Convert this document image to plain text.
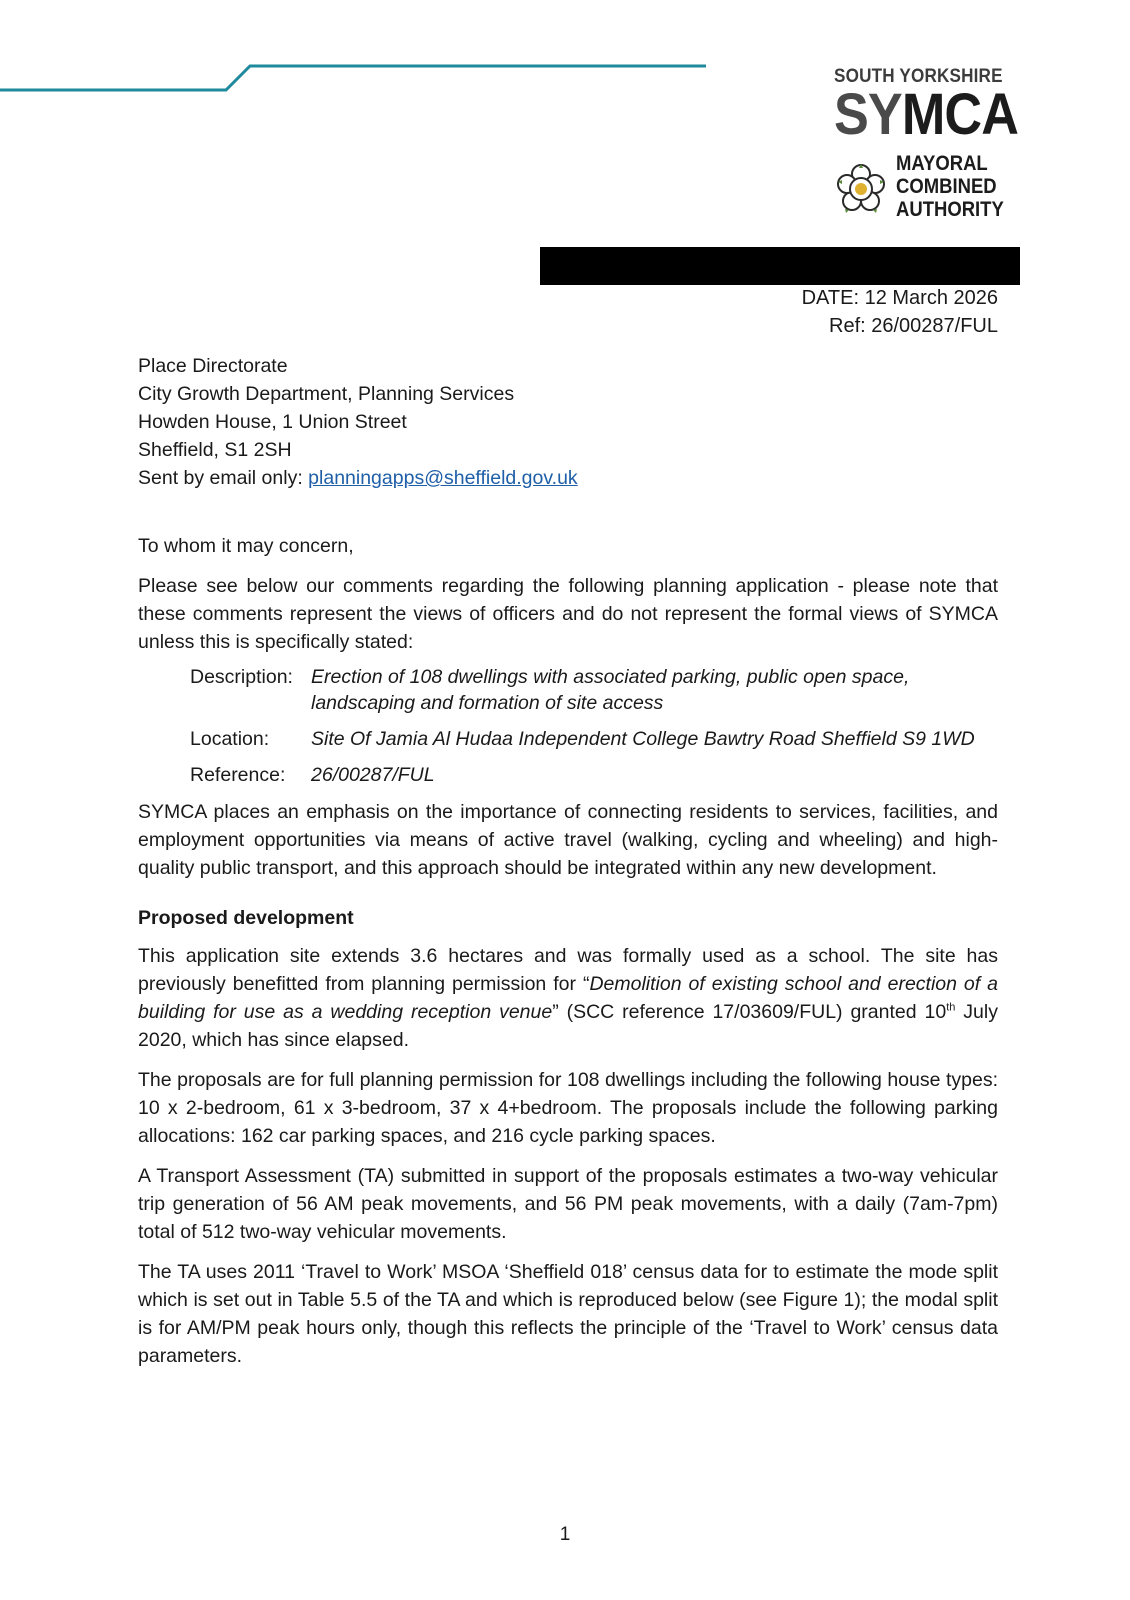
SOUTH YORKSHIRE
SYMCA
MAYORAL
COMBINED
AUTHORITY
DATE: 12 March 2026
Ref: 26/00287/FUL
Place Directorate
City Growth Department, Planning Services
Howden House, 1 Union Street
Sheffield, S1 2SH
Sent by email only: planningapps@sheffield.gov.uk

To whom it may concern,

Please see below our comments regarding the following planning application - please note that these comments represent the views of officers and do not represent the formal views of SYMCA unless this is specifically stated:

Description:	Erection of 108 dwellings with associated parking, public open space, landscaping and formation of site access
Location:	Site Of Jamia Al Hudaa Independent College Bawtry Road Sheffield S9 1WD
Reference:	26/00287/FUL

SYMCA places an emphasis on the importance of connecting residents to services, facilities, and employment opportunities via means of active travel (walking, cycling and wheeling) and high-quality public transport, and this approach should be integrated within any new development.

Proposed development

This application site extends 3.6 hectares and was formally used as a school. The site has previously benefitted from planning permission for “Demolition of existing school and erection of a building for use as a wedding reception venue” (SCC reference 17/03609/FUL) granted 10th July 2020, which has since elapsed.

The proposals are for full planning permission for 108 dwellings including the following house types: 10 x 2-bedroom, 61 x 3-bedroom, 37 x 4+bedroom. The proposals include the following parking allocations: 162 car parking spaces, and 216 cycle parking spaces.

A Transport Assessment (TA) submitted in support of the proposals estimates a two-way vehicular trip generation of 56 AM peak movements, and 56 PM peak movements, with a daily (7am-7pm) total of 512 two-way vehicular movements.

The TA uses 2011 ‘Travel to Work’ MSOA ‘Sheffield 018’ census data for to estimate the mode split which is set out in Table 5.5 of the TA and which is reproduced below (see Figure 1); the modal split is for AM/PM peak hours only, though this reflects the principle of the ‘Travel to Work’ census data parameters.

1
